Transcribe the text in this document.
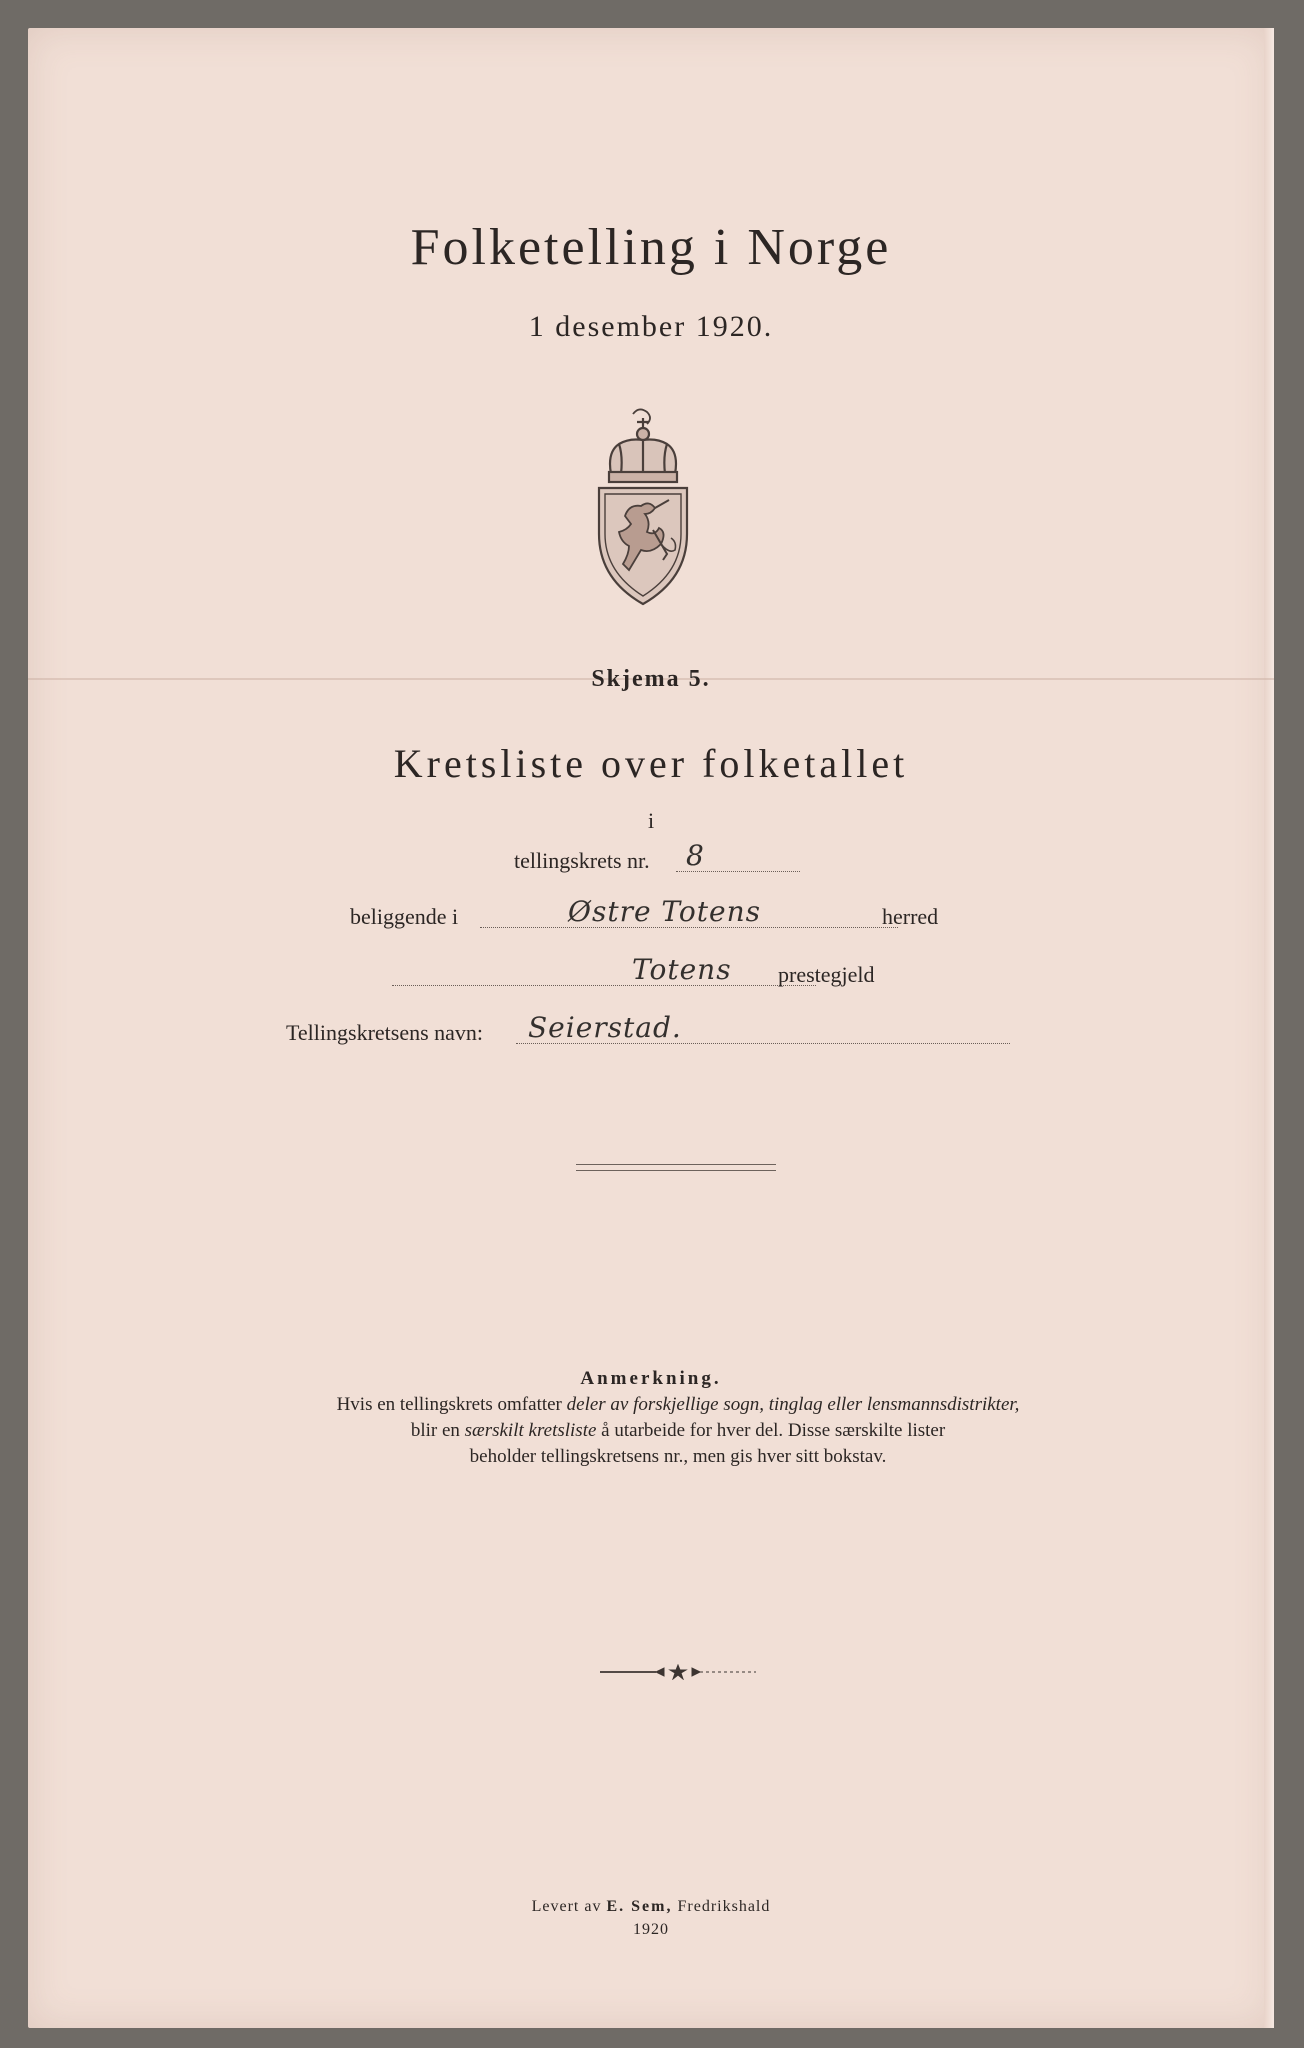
Folketelling i Norge
1 desember 1920.
Skjema 5.
Kretsliste over folketallet
i
tellingskrets nr. 8
beliggende i	Østre Totens	herred
Totens prestegjeld
Tellingskretsens navn: Seierstad.
Anmerkning.
Hvis en tellingskrets omfatter deler av forskjellige sogn, tinglag eller lensmannsdistrikter,
blir en særskilt kretsliste å utarbeide for hver del. Disse særskilte lister
beholder tellingskretsens nr., men gis hver sitt bokstav.
Levert av E. Sem, Fredrikshald
1920
